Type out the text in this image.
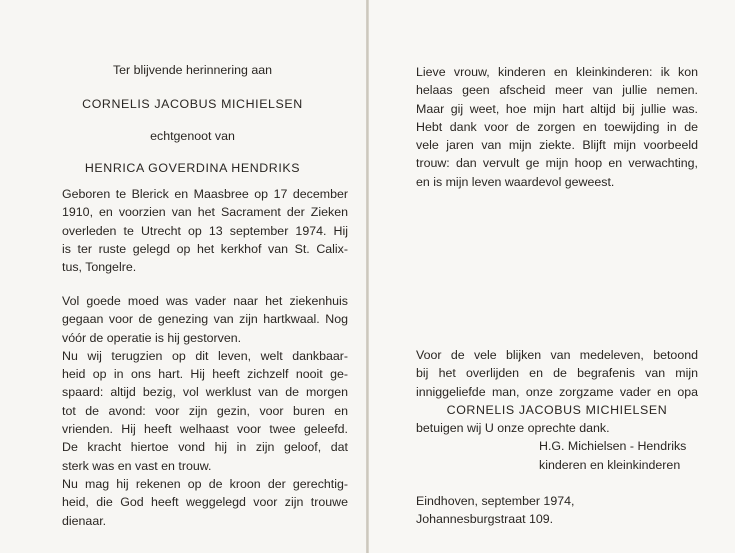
Ter blijvende herinnering aan
CORNELIS JACOBUS MICHIELSEN
echtgenoot van
HENRICA GOVERDINA HENDRIKS
Geboren te Blerick en Maasbree op 17 december
1910, en voorzien van het Sacrament der Zieken
overleden te Utrecht op 13 september 1974. Hij
is ter ruste gelegd op het kerkhof van St. Calix-
tus, Tongelre.
Vol goede moed was vader naar het ziekenhuis
gegaan voor de genezing van zijn hartkwaal. Nog
vóór de operatie is hij gestorven.
Nu wij terugzien op dit leven, welt dankbaar-
heid op in ons hart. Hij heeft zichzelf nooit ge-
spaard: altijd bezig, vol werklust van de morgen
tot de avond: voor zijn gezin, voor buren en
vrienden. Hij heeft welhaast voor twee geleefd.
De kracht hiertoe vond hij in zijn geloof, dat
sterk was en vast en trouw.
Nu mag hij rekenen op de kroon der gerechtig-
heid, die God heeft weggelegd voor zijn trouwe
dienaar.
Lieve vrouw, kinderen en kleinkinderen: ik kon
helaas geen afscheid meer van jullie nemen.
Maar gij weet, hoe mijn hart altijd bij jullie was.
Hebt dank voor de zorgen en toewijding in de
vele jaren van mijn ziekte. Blijft mijn voorbeeld
trouw: dan vervult ge mijn hoop en verwachting,
en is mijn leven waardevol geweest.
Voor de vele blijken van medeleven, betoond
bij het overlijden en de begrafenis van mijn
inniggeliefde man, onze zorgzame vader en opa
CORNELIS JACOBUS MICHIELSEN
betuigen wij U onze oprechte dank.
H.G. Michielsen - Hendriks
kinderen en kleinkinderen
Eindhoven, september 1974,
Johannesburgstraat 109.
